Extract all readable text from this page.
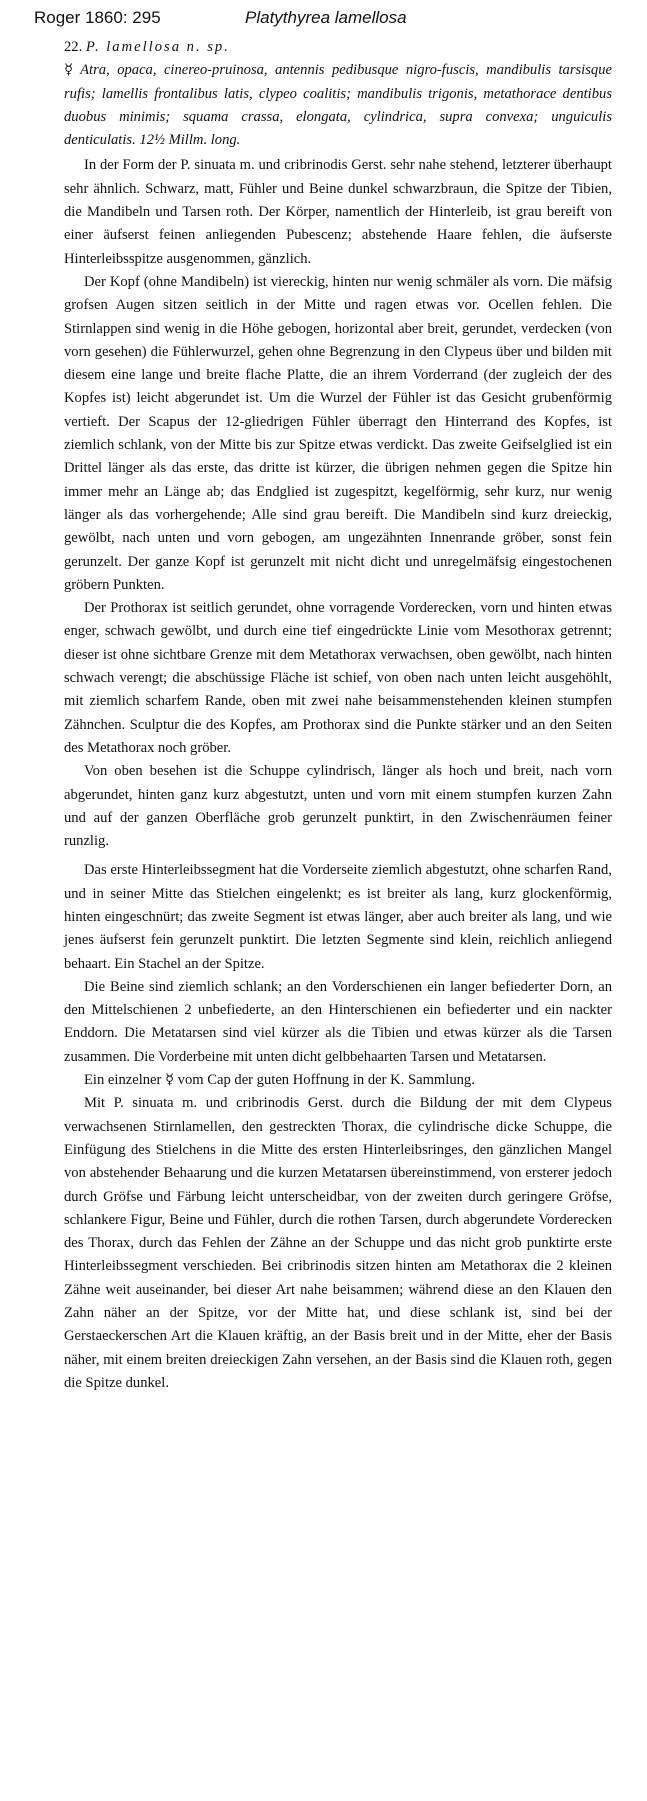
Roger 1860: 295	Platythyrea lamellosa

22. P. lamellosa n. sp.
☿ Atra, opaca, cinereo-pruinosa, antennis pedibusque nigro-fuscis, mandibulis tarsisque rufis; lamellis frontalibus latis, clypeo coalitis; mandibulis trigonis, metathorace dentibus duobus minimis; squama crassa, elongata, cylindrica, supra convexa; unguiculis denticulatis. 12½ Millm. long.

In der Form der P. sinuata m. und cribrinodis Gerst. sehr nahe stehend, letzterer überhaupt sehr ähnlich. Schwarz, matt, Fühler und Beine dunkel schwarzbraun, die Spitze der Tibien, die Mandibeln und Tarsen roth. Der Körper, namentlich der Hinterleib, ist grau bereift von einer äufserst feinen anliegenden Pubescenz; abstehende Haare fehlen, die äufserste Hinterleibsspitze ausgenommen, gänzlich.

Der Kopf (ohne Mandibeln) ist viereckig, hinten nur wenig schmäler als vorn. Die mäfsig grofsen Augen sitzen seitlich in der Mitte und ragen etwas vor. Ocellen fehlen. Die Stirnlappen sind wenig in die Höhe gebogen, horizontal aber breit, gerundet, verdecken (von vorn gesehen) die Fühlerwurzel, gehen ohne Begrenzung in den Clypeus über und bilden mit diesem eine lange und breite flache Platte, die an ihrem Vorderrand (der zugleich der des Kopfes ist) leicht abgerundet ist. Um die Wurzel der Fühler ist das Gesicht grubenförmig vertieft. Der Scapus der 12-gliedrigen Fühler überragt den Hinterrand des Kopfes, ist ziemlich schlank, von der Mitte bis zur Spitze etwas verdickt. Das zweite Geifselglied ist ein Drittel länger als das erste, das dritte ist kürzer, die übrigen nehmen gegen die Spitze hin immer mehr an Länge ab; das Endglied ist zugespitzt, kegelförmig, sehr kurz, nur wenig länger als das vorhergehende; Alle sind grau bereift. Die Mandibeln sind kurz dreieckig, gewölbt, nach unten und vorn gebogen, am ungezähnten Innenrande gröber, sonst fein gerunzelt. Der ganze Kopf ist gerunzelt mit nicht dicht und unregelmäfsig eingestochenen gröbern Punkten.

Der Prothorax ist seitlich gerundet, ohne vorragende Vorderecken, vorn und hinten etwas enger, schwach gewölbt, und durch eine tief eingedrückte Linie vom Mesothorax getrennt; dieser ist ohne sichtbare Grenze mit dem Metathorax verwachsen, oben gewölbt, nach hinten schwach verengt; die abschüssige Fläche ist schief, von oben nach unten leicht ausgehöhlt, mit ziemlich scharfem Rande, oben mit zwei nahe beisammenstehenden kleinen stumpfen Zähnchen. Sculptur die des Kopfes, am Prothorax sind die Punkte stärker und an den Seiten des Metathorax noch gröber.

Von oben besehen ist die Schuppe cylindrisch, länger als hoch und breit, nach vorn abgerundet, hinten ganz kurz abgestutzt, unten und vorn mit einem stumpfen kurzen Zahn und auf der ganzen Oberfläche grob gerunzelt punktirt, in den Zwischenräumen feiner runzlig.

Das erste Hinterleibssegment hat die Vorderseite ziemlich abgestutzt, ohne scharfen Rand, und in seiner Mitte das Stielchen eingelenkt; es ist breiter als lang, kurz glockenförmig, hinten eingeschnürt; das zweite Segment ist etwas länger, aber auch breiter als lang, und wie jenes äufserst fein gerunzelt punktirt. Die letzten Segmente sind klein, reichlich anliegend behaart. Ein Stachel an der Spitze.

Die Beine sind ziemlich schlank; an den Vorderschienen ein langer befiederter Dorn, an den Mittelschienen 2 unbefiederte, an den Hinterschienen ein befiederter und ein nackter Enddorn. Die Metatarsen sind viel kürzer als die Tibien und etwas kürzer als die Tarsen zusammen. Die Vorderbeine mit unten dicht gelbbehaarten Tarsen und Metatarsen.

Ein einzelner ☿ vom Cap der guten Hoffnung in der K. Sammlung.

Mit P. sinuata m. und cribrinodis Gerst. durch die Bildung der mit dem Clypeus verwachsenen Stirnlamellen, den gestreckten Thorax, die cylindrische dicke Schuppe, die Einfügung des Stielchens in die Mitte des ersten Hinterleibsringes, den gänzlichen Mangel von abstehender Behaarung und die kurzen Metatarsen übereinstimmend, von ersterer jedoch durch Gröfse und Färbung leicht unterscheidbar, von der zweiten durch geringere Gröfse, schlankere Figur, Beine und Fühler, durch die rothen Tarsen, durch abgerundete Vorderecken des Thorax, durch das Fehlen der Zähne an der Schuppe und das nicht grob punktirte erste Hinterleibssegment verschieden. Bei cribrinodis sitzen hinten am Metathorax die 2 kleinen Zähne weit auseinander, bei dieser Art nahe beisammen; während diese an den Klauen den Zahn näher an der Spitze, vor der Mitte hat, und diese schlank ist, sind bei der Gerstaeckerschen Art die Klauen kräftig, an der Basis breit und in der Mitte, eher der Basis näher, mit einem breiten dreieckigen Zahn versehen, an der Basis sind die Klauen roth, gegen die Spitze dunkel.
